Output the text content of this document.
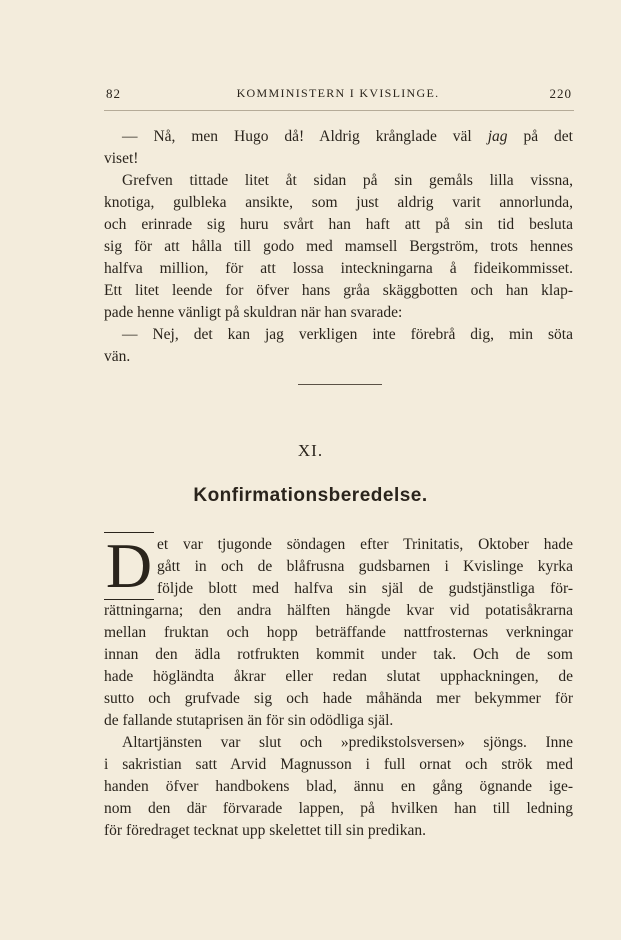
82	KOMMINISTERN I KVISLINGE.	220
— Nå, men Hugo då! Aldrig krånglade väl jag på det
viset!
Grefven tittade litet åt sidan på sin gemåls lilla vissna,
knotiga, gulbleka ansikte, som just aldrig varit annorlunda,
och erinrade sig huru svårt han haft att på sin tid besluta
sig för att hålla till godo med mamsell Bergström, trots hennes
halfva million, för att lossa inteckningarna å fideikommisset.
Ett litet leende for öfver hans gråa skäggbotten och han klap-
pade henne vänligt på skuldran när han svarade:
— Nej, det kan jag verkligen inte förebrå dig, min söta
vän.
XI.
Konfirmationsberedelse.
D et var tjugonde söndagen efter Trinitatis, Oktober hade
gått in och de blåfrusna gudsbarnen i Kvislinge kyrka
följde blott med halfva sin själ de gudstjänstliga för-
rättningarna; den andra hälften hängde kvar vid potatisåkrarna
mellan fruktan och hopp beträffande nattfrosternas verkningar
innan den ädla rotfrukten kommit under tak. Och de som
hade högländta åkrar eller redan slutat upphackningen, de
sutto och grufvade sig och hade måhända mer bekymmer för
de fallande stutaprisen än för sin odödliga själ.
Altartjänsten var slut och »predikstolsversen» sjöngs. Inne
i sakristian satt Arvid Magnusson i full ornat och strök med
handen öfver handbokens blad, ännu en gång ögnande ige-
nom den där förvarade lappen, på hvilken han till ledning
för föredraget tecknat upp skelettet till sin predikan.
